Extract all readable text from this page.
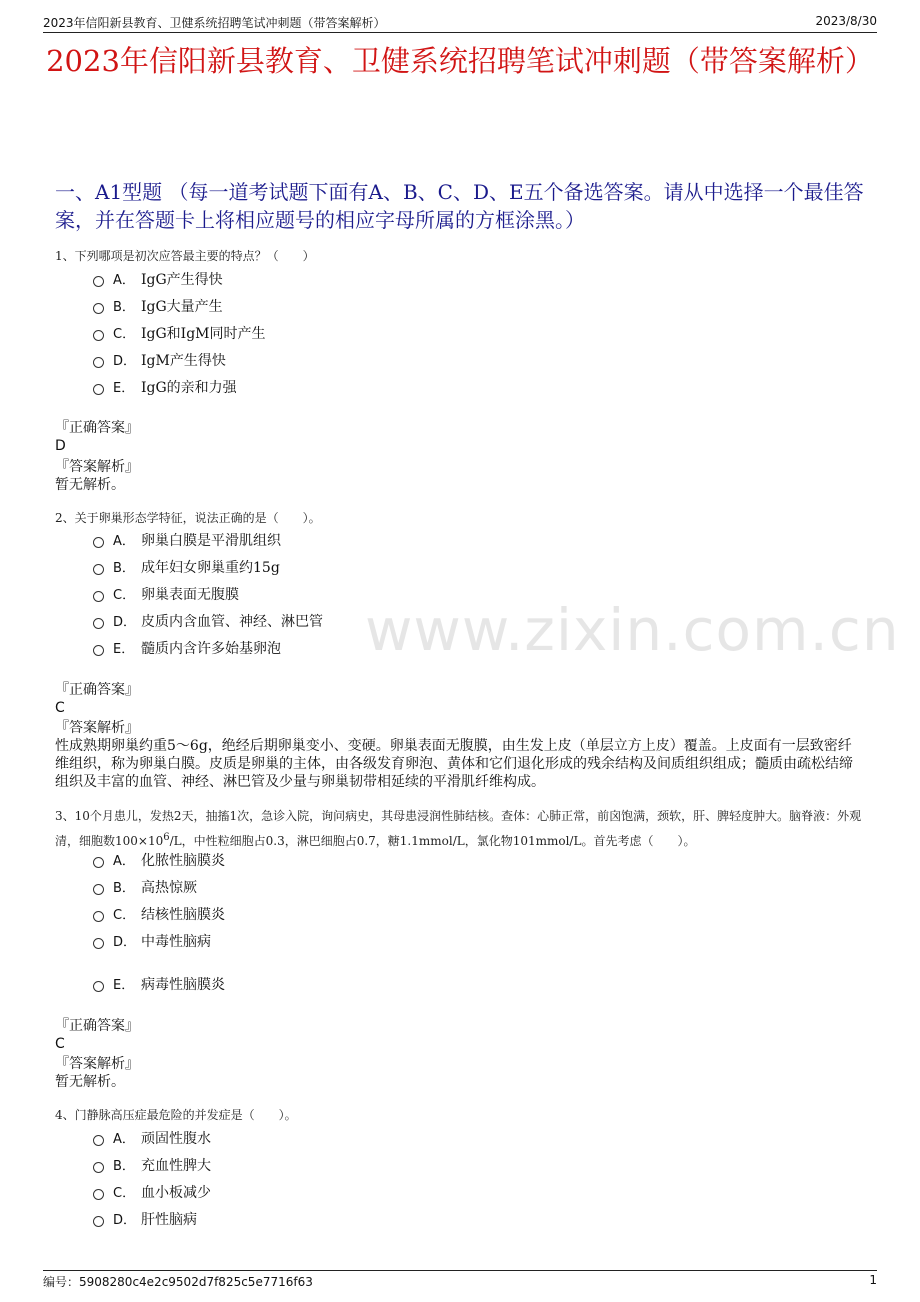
2023年信阳新县教育、卫健系统招聘笔试冲刺题（带答案解析）	2023/8/30
2023年信阳新县教育、卫健系统招聘笔试冲刺题（带答案解析）
一、A1型题 （每一道考试题下面有A、B、C、D、E五个备选答案。请从中选择一个最佳答案，并在答题卡上将相应题号的相应字母所属的方框涂黑。）
www.zixin.com.cn
1、下列哪项是初次应答最主要的特点？（　　）
A． IgG产生得快
B． IgG大量产生
C． IgG和IgM同时产生
D． IgM产生得快
E． IgG的亲和力强
『正确答案』
D
『答案解析』
暂无解析。
2、关于卵巢形态学特征，说法正确的是（　　）。
A． 卵巢白膜是平滑肌组织
B． 成年妇女卵巢重约15g
C． 卵巢表面无腹膜
D． 皮质内含血管、神经、淋巴管
E． 髓质内含许多始基卵泡
『正确答案』
C
『答案解析』
性成熟期卵巢约重5～6g，绝经后期卵巢变小、变硬。卵巢表面无腹膜，由生发上皮（单层立方上皮）覆盖。上皮面有一层致密纤维组织，称为卵巢白膜。皮质是卵巢的主体，由各级发育卵泡、黄体和它们退化形成的残余结构及间质组织组成；髓质由疏松结缔组织及丰富的血管、神经、淋巴管及少量与卵巢韧带相延续的平滑肌纤维构成。
3、10个月患儿，发热2天，抽搐1次，急诊入院，询问病史，其母患浸润性肺结核。查体：心肺正常，前囟饱满，颈软，肝、脾轻度肿大。脑脊液：外观清，细胞数$100\times 10^6/L$，中性粒细胞占0.3，淋巴细胞占0.7，糖1.1mmol/L，氯化物101mmol/L。首先考虑（　　）。
A． 化脓性脑膜炎
B． 高热惊厥
C． 结核性脑膜炎
D． 中毒性脑病
E． 病毒性脑膜炎
『正确答案』
C
『答案解析』
暂无解析。
4、门静脉高压症最危险的并发症是（　　）。
A． 顽固性腹水
B． 充血性脾大
C． 血小板减少
D． 肝性脑病
编号：5908280c4e2c9502d7f825c5e7716f63	1
